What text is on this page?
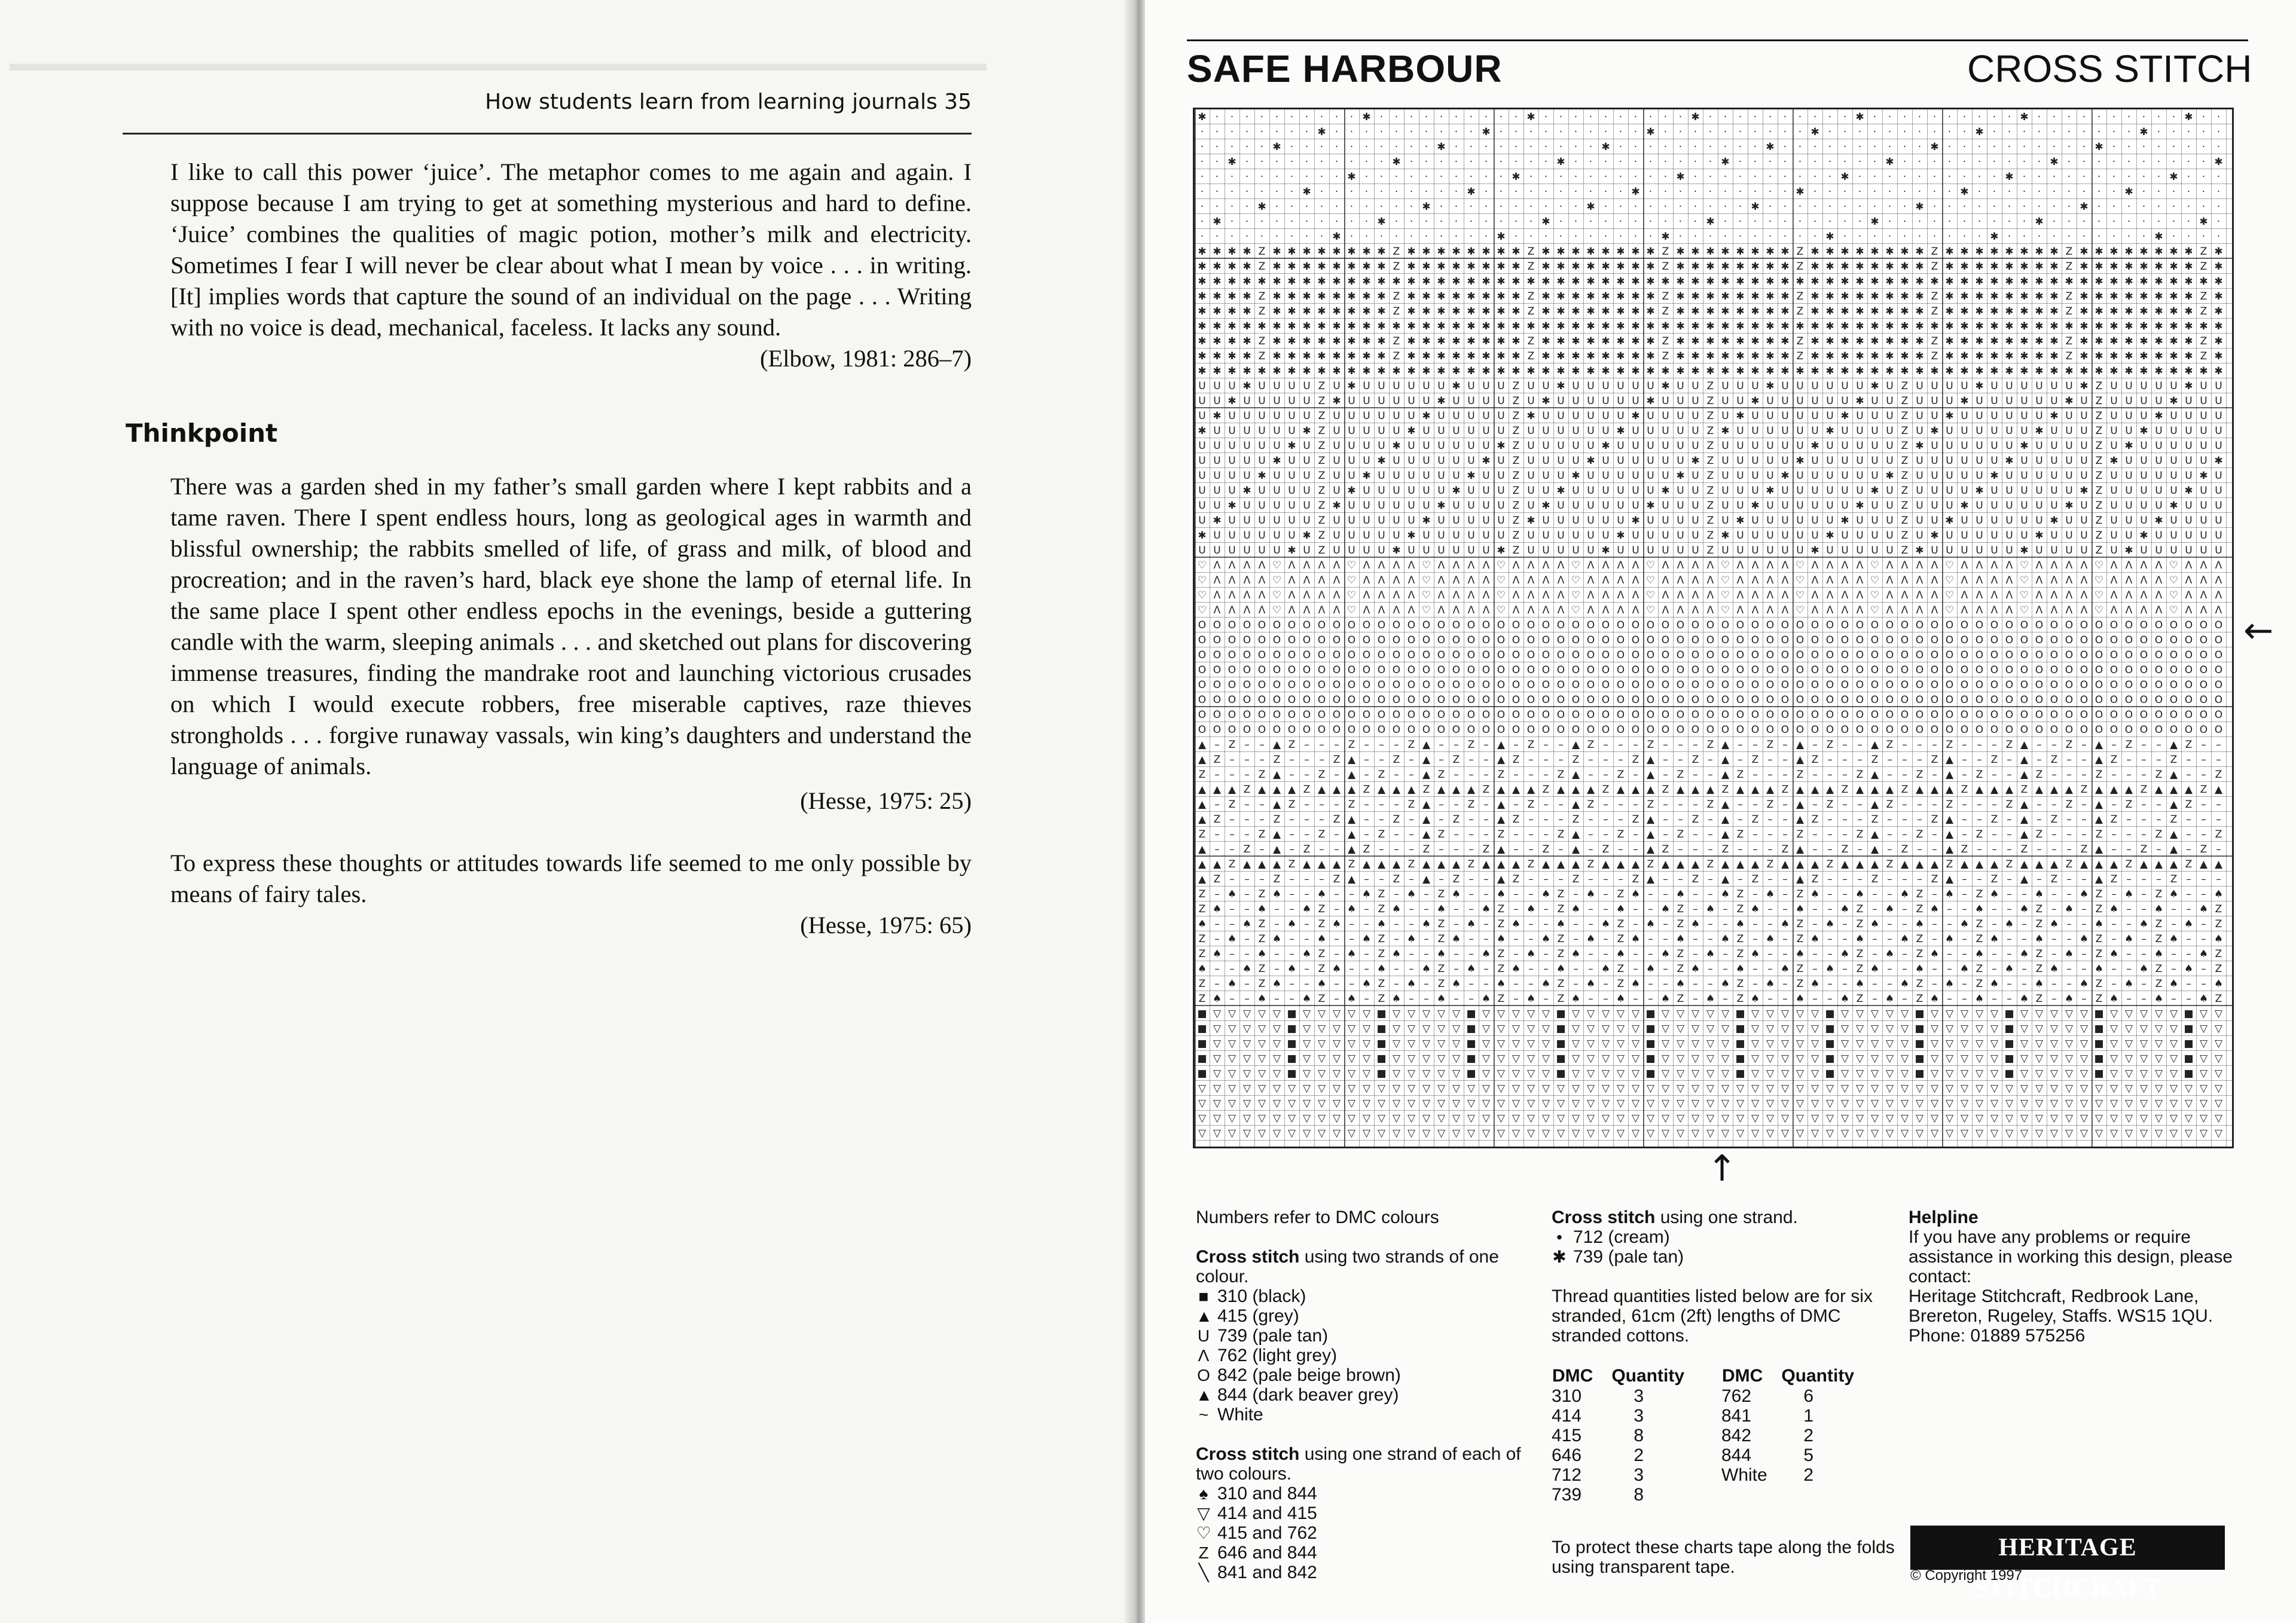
▬▬▬▬▬▬▬▬▬▬▬▬▬▬▬▬▬▬▬▬▬▬▬▬▬▬▬▬▬▬▬▬▬▬▬▬▬▬▬▬▬▬▬
How students learn from learning journals 35
I like to call this power ‘juice’. The metaphor comes to me again and again. I suppose because I am trying to get at something mysterious and hard to define. ‘Juice’ combines the qualities of magic potion, mother’s milk and electricity. Sometimes I fear I will never be clear about what I mean by voice . . . in writing. [It] implies words that capture the sound of an individual on the page . . . Writing with no voice is dead, mechanical, faceless. It lacks any sound.
(Elbow, 1981: 286–7)
Thinkpoint
There was a garden shed in my father’s small garden where I kept rabbits and a tame raven. There I spent endless hours, long as geological ages in warmth and blissful ownership; the rabbits smelled of life, of grass and milk, of blood and procreation; and in the raven’s hard, black eye shone the lamp of eternal life. In the same place I spent other endless epochs in the evenings, beside a guttering candle with the warm, sleeping animals . . . and sketched out plans for discovering immense treasures, finding the mandrake root and launching victorious crusades on which I would execute robbers, free miserable captives, raze thieves strongholds . . . forgive runaway vassals, win king’s daughters and understand the language of animals.
(Hesse, 1975: 25)
To express these thoughts or attitudes towards life seemed to me only possible by means of fairy tales.
(Hesse, 1975: 65)
SAFE HARBOUR	CROSS STITCH
✱ · · · · · · · · · · ✱ · · · · · · · · · · ✱ · · · · · · · · · · ✱ · · · · · · · · · · ✱ · · · · · · · · · · ✱ · · · · · · · · · · ✱ · ·
· · · · · · · · ✱ · · · · · · · · · · ✱ · · · · · · · · · · ✱ · · · · · · · · · · ✱ · · · · · · · · · · ✱ · · · · · · · · · · ✱ · · · · ·
· · · · · ✱ · · · · · · · · · · ✱ · · · · · · · · · · ✱ · · · · · · · · · · ✱ · · · · · · · · · · ✱ · · · · · · · · · · ✱ · · · · · · · ·
· · ✱ · · · · · · · · · · ✱ · · · · · · · · · · ✱ · · · · · · · · · · ✱ · · · · · · · · · · ✱ · · · · · · · · · · ✱ · · · · · · · · · · ✱
· · · · · · · · · · ✱ · · · · · · · · · · ✱ · · · · · · · · · · ✱ · · · · · · · · · · ✱ · · · · · · · · · · ✱ · · · · · · · · · · ✱ · · ·
· · · · · · · ✱ · · · · · · · · · · ✱ · · · · · · · · · · ✱ · · · · · · · · · · ✱ · · · · · · · · · · ✱ · · · · · · · · · · ✱ · · · · · ·
· · · · ✱ · · · · · · · · · · ✱ · · · · · · · · · · ✱ · · · · · · · · · · ✱ · · · · · · · · · · ✱ · · · · · · · · · · ✱ · · · · · · · · ·
· ✱ · · · · · · · · · · ✱ · · · · · · · · · · ✱ · · · · · · · · · · ✱ · · · · · · · · · · ✱ · · · · · · · · · · ✱ · · · · · · · · · · ✱ ·
· · · · · · · · · ✱ · · · · · · · · · · ✱ · · · · · · · · · · ✱ · · · · · · · · · · ✱ · · · · · · · · · · ✱ · · · · · · · · · · ✱ · · · ·
✱ ✱ ✱ ✱ Z ✱ ✱ ✱ ✱ ✱ ✱ ✱ ✱ Z ✱ ✱ ✱ ✱ ✱ ✱ ✱ ✱ Z ✱ ✱ ✱ ✱ ✱ ✱ ✱ ✱ Z ✱ ✱ ✱ ✱ ✱ ✱ ✱ ✱ Z ✱ ✱ ✱ ✱ ✱ ✱ ✱ ✱ Z ✱ ✱ ✱ ✱ ✱ ✱ ✱ ✱ Z ✱ ✱ ✱ ✱ ✱ ✱ ✱ ✱ Z ✱
✱ ✱ ✱ ✱ Z ✱ ✱ ✱ ✱ ✱ ✱ ✱ ✱ Z ✱ ✱ ✱ ✱ ✱ ✱ ✱ ✱ Z ✱ ✱ ✱ ✱ ✱ ✱ ✱ ✱ Z ✱ ✱ ✱ ✱ ✱ ✱ ✱ ✱ Z ✱ ✱ ✱ ✱ ✱ ✱ ✱ ✱ Z ✱ ✱ ✱ ✱ ✱ ✱ ✱ ✱ Z ✱ ✱ ✱ ✱ ✱ ✱ ✱ ✱ Z ✱
✱ ✱ ✱ ✱ ✱ ✱ ✱ ✱ ✱ ✱ ✱ ✱ ✱ ✱ ✱ ✱ ✱ ✱ ✱ ✱ ✱ ✱ ✱ ✱ ✱ ✱ ✱ ✱ ✱ ✱ ✱ ✱ ✱ ✱ ✱ ✱ ✱ ✱ ✱ ✱ ✱ ✱ ✱ ✱ ✱ ✱ ✱ ✱ ✱ ✱ ✱ ✱ ✱ ✱ ✱ ✱ ✱ ✱ ✱ ✱ ✱ ✱ ✱ ✱ ✱ ✱ ✱ ✱ ✱
✱ ✱ ✱ ✱ Z ✱ ✱ ✱ ✱ ✱ ✱ ✱ ✱ Z ✱ ✱ ✱ ✱ ✱ ✱ ✱ ✱ Z ✱ ✱ ✱ ✱ ✱ ✱ ✱ ✱ Z ✱ ✱ ✱ ✱ ✱ ✱ ✱ ✱ Z ✱ ✱ ✱ ✱ ✱ ✱ ✱ ✱ Z ✱ ✱ ✱ ✱ ✱ ✱ ✱ ✱ Z ✱ ✱ ✱ ✱ ✱ ✱ ✱ ✱ Z ✱
✱ ✱ ✱ ✱ Z ✱ ✱ ✱ ✱ ✱ ✱ ✱ ✱ Z ✱ ✱ ✱ ✱ ✱ ✱ ✱ ✱ Z ✱ ✱ ✱ ✱ ✱ ✱ ✱ ✱ Z ✱ ✱ ✱ ✱ ✱ ✱ ✱ ✱ Z ✱ ✱ ✱ ✱ ✱ ✱ ✱ ✱ Z ✱ ✱ ✱ ✱ ✱ ✱ ✱ ✱ Z ✱ ✱ ✱ ✱ ✱ ✱ ✱ ✱ Z ✱
✱ ✱ ✱ ✱ ✱ ✱ ✱ ✱ ✱ ✱ ✱ ✱ ✱ ✱ ✱ ✱ ✱ ✱ ✱ ✱ ✱ ✱ ✱ ✱ ✱ ✱ ✱ ✱ ✱ ✱ ✱ ✱ ✱ ✱ ✱ ✱ ✱ ✱ ✱ ✱ ✱ ✱ ✱ ✱ ✱ ✱ ✱ ✱ ✱ ✱ ✱ ✱ ✱ ✱ ✱ ✱ ✱ ✱ ✱ ✱ ✱ ✱ ✱ ✱ ✱ ✱ ✱ ✱ ✱
✱ ✱ ✱ ✱ Z ✱ ✱ ✱ ✱ ✱ ✱ ✱ ✱ Z ✱ ✱ ✱ ✱ ✱ ✱ ✱ ✱ Z ✱ ✱ ✱ ✱ ✱ ✱ ✱ ✱ Z ✱ ✱ ✱ ✱ ✱ ✱ ✱ ✱ Z ✱ ✱ ✱ ✱ ✱ ✱ ✱ ✱ Z ✱ ✱ ✱ ✱ ✱ ✱ ✱ ✱ Z ✱ ✱ ✱ ✱ ✱ ✱ ✱ ✱ Z ✱
✱ ✱ ✱ ✱ Z ✱ ✱ ✱ ✱ ✱ ✱ ✱ ✱ Z ✱ ✱ ✱ ✱ ✱ ✱ ✱ ✱ Z ✱ ✱ ✱ ✱ ✱ ✱ ✱ ✱ Z ✱ ✱ ✱ ✱ ✱ ✱ ✱ ✱ Z ✱ ✱ ✱ ✱ ✱ ✱ ✱ ✱ Z ✱ ✱ ✱ ✱ ✱ ✱ ✱ ✱ Z ✱ ✱ ✱ ✱ ✱ ✱ ✱ ✱ Z ✱
✱ ✱ ✱ ✱ ✱ ✱ ✱ ✱ ✱ ✱ ✱ ✱ ✱ ✱ ✱ ✱ ✱ ✱ ✱ ✱ ✱ ✱ ✱ ✱ ✱ ✱ ✱ ✱ ✱ ✱ ✱ ✱ ✱ ✱ ✱ ✱ ✱ ✱ ✱ ✱ ✱ ✱ ✱ ✱ ✱ ✱ ✱ ✱ ✱ ✱ ✱ ✱ ✱ ✱ ✱ ✱ ✱ ✱ ✱ ✱ ✱ ✱ ✱ ✱ ✱ ✱ ✱ ✱ ✱
U U U ✱ U U U U Z U ✱ U U U U U U ✱ U U U Z U U ✱ U U U U U U ✱ U U Z U U U ✱ U U U U U U ✱ U Z U U U U ✱ U U U U U U ✱ Z U U U U U ✱ U U
U U ✱ U U U U U Z ✱ U U U U U U ✱ U U U U Z U ✱ U U U U U U ✱ U U U Z U U ✱ U U U U U U ✱ U U Z U U U ✱ U U U U U U ✱ U Z U U U U ✱ U U U
U ✱ U U U U U U Z U U U U U U ✱ U U U U U Z ✱ U U U U U U ✱ U U U U Z U ✱ U U U U U U ✱ U U U Z U U ✱ U U U U U U ✱ U U Z U U U ✱ U U U U
✱ U U U U U U ✱ Z U U U U U ✱ U U U U U U Z U U U U U U ✱ U U U U U Z ✱ U U U U U U ✱ U U U U Z U ✱ U U U U U U ✱ U U U Z U U ✱ U U U U U
U U U U U U ✱ U Z U U U U ✱ U U U U U U ✱ Z U U U U U ✱ U U U U U U Z U U U U U U ✱ U U U U U Z ✱ U U U U U U ✱ U U U U Z U ✱ U U U U U U
U U U U U ✱ U U Z U U U ✱ U U U U U U ✱ U Z U U U U ✱ U U U U U U ✱ Z U U U U U ✱ U U U U U U Z U U U U U U ✱ U U U U U Z ✱ U U U U U U ✱
U U U U ✱ U U U Z U U ✱ U U U U U U ✱ U U Z U U U ✱ U U U U U U ✱ U Z U U U U ✱ U U U U U U ✱ Z U U U U U ✱ U U U U U U Z U U U U U U ✱ U
U U U ✱ U U U U Z U ✱ U U U U U U ✱ U U U Z U U ✱ U U U U U U ✱ U U Z U U U ✱ U U U U U U ✱ U Z U U U U ✱ U U U U U U ✱ Z U U U U U ✱ U U
U U ✱ U U U U U Z ✱ U U U U U U ✱ U U U U Z U ✱ U U U U U U ✱ U U U Z U U ✱ U U U U U U ✱ U U Z U U U ✱ U U U U U U ✱ U Z U U U U ✱ U U U
U ✱ U U U U U U Z U U U U U U ✱ U U U U U Z ✱ U U U U U U ✱ U U U U Z U ✱ U U U U U U ✱ U U U Z U U ✱ U U U U U U ✱ U U Z U U U ✱ U U U U
✱ U U U U U U ✱ Z U U U U U ✱ U U U U U U Z U U U U U U ✱ U U U U U Z ✱ U U U U U U ✱ U U U U Z U ✱ U U U U U U ✱ U U U Z U U ✱ U U U U U
U U U U U U ✱ U Z U U U U ✱ U U U U U U ✱ Z U U U U U ✱ U U U U U U Z U U U U U U ✱ U U U U U Z ✱ U U U U U U ✱ U U U U Z U ✱ U U U U U U
♡ Λ Λ Λ Λ ♡ Λ Λ Λ Λ ♡ Λ Λ Λ Λ ♡ Λ Λ Λ Λ ♡ Λ Λ Λ Λ ♡ Λ Λ Λ Λ ♡ Λ Λ Λ Λ ♡ Λ Λ Λ Λ ♡ Λ Λ Λ Λ ♡ Λ Λ Λ Λ ♡ Λ Λ Λ Λ ♡ Λ Λ Λ Λ ♡ Λ Λ Λ Λ ♡ Λ Λ Λ
♡ Λ Λ Λ Λ ♡ Λ Λ Λ Λ ♡ Λ Λ Λ Λ ♡ Λ Λ Λ Λ ♡ Λ Λ Λ Λ ♡ Λ Λ Λ Λ ♡ Λ Λ Λ Λ ♡ Λ Λ Λ Λ ♡ Λ Λ Λ Λ ♡ Λ Λ Λ Λ ♡ Λ Λ Λ Λ ♡ Λ Λ Λ Λ ♡ Λ Λ Λ Λ ♡ Λ Λ Λ
♡ Λ Λ Λ Λ ♡ Λ Λ Λ Λ ♡ Λ Λ Λ Λ ♡ Λ Λ Λ Λ ♡ Λ Λ Λ Λ ♡ Λ Λ Λ Λ ♡ Λ Λ Λ Λ ♡ Λ Λ Λ Λ ♡ Λ Λ Λ Λ ♡ Λ Λ Λ Λ ♡ Λ Λ Λ Λ ♡ Λ Λ Λ Λ ♡ Λ Λ Λ Λ ♡ Λ Λ Λ
♡ Λ Λ Λ Λ ♡ Λ Λ Λ Λ ♡ Λ Λ Λ Λ ♡ Λ Λ Λ Λ ♡ Λ Λ Λ Λ ♡ Λ Λ Λ Λ ♡ Λ Λ Λ Λ ♡ Λ Λ Λ Λ ♡ Λ Λ Λ Λ ♡ Λ Λ Λ Λ ♡ Λ Λ Λ Λ ♡ Λ Λ Λ Λ ♡ Λ Λ Λ Λ ♡ Λ Λ Λ
O O O O O O O O O O O O O O O O O O O O O O O O O O O O O O O O O O O O O O O O O O O O O O O O O O O O O O O O O O O O O O O O O O O O O
O O O O O O O O O O O O O O O O O O O O O O O O O O O O O O O O O O O O O O O O O O O O O O O O O O O O O O O O O O O O O O O O O O O O O
O O O O O O O O O O O O O O O O O O O O O O O O O O O O O O O O O O O O O O O O O O O O O O O O O O O O O O O O O O O O O O O O O O O O O
O O O O O O O O O O O O O O O O O O O O O O O O O O O O O O O O O O O O O O O O O O O O O O O O O O O O O O O O O O O O O O O O O O O O O
O O O O O O O O O O O O O O O O O O O O O O O O O O O O O O O O O O O O O O O O O O O O O O O O O O O O O O O O O O O O O O O O O O O O O
O O O O O O O O O O O O O O O O O O O O O O O O O O O O O O O O O O O O O O O O O O O O O O O O O O O O O O O O O O O O O O O O O O O O O
O O O O O O O O O O O O O O O O O O O O O O O O O O O O O O O O O O O O O O O O O O O O O O O O O O O O O O O O O O O O O O O O O O O O O
O O O O O O O O O O O O O O O O O O O O O O O O O O O O O O O O O O O O O O O O O O O O O O O O O O O O O O O O O O O O O O O O O O O O O
▲ – Z – – ▲ Z – – – Z – – – Z ▲ – – Z – ▲ – Z – – ▲ Z – – – Z – – – Z ▲ – – Z – ▲ – Z – – ▲ Z – – – Z – – – Z ▲ – – Z – ▲ – Z – – ▲ Z – –
▲ Z – – – Z – – – Z ▲ – – Z – ▲ – Z – – ▲ Z – – – Z – – – Z ▲ – – Z – ▲ – Z – – ▲ Z – – – Z – – – Z ▲ – – Z – ▲ – Z – – ▲ Z – – – Z – – –
Z – – – Z ▲ – – Z – ▲ – Z – – ▲ Z – – – Z – – – Z ▲ – – Z – ▲ – Z – – ▲ Z – – – Z – – – Z ▲ – – Z – ▲ – Z – – ▲ Z – – – Z – – – Z ▲ – – Z
▲ ▲ ▲ Z ▲ ▲ ▲ Z ▲ ▲ ▲ Z ▲ ▲ ▲ Z ▲ ▲ ▲ Z ▲ ▲ ▲ Z ▲ ▲ ▲ Z ▲ ▲ ▲ Z ▲ ▲ ▲ Z ▲ ▲ ▲ Z ▲ ▲ ▲ Z ▲ ▲ ▲ Z ▲ ▲ ▲ Z ▲ ▲ ▲ Z ▲ ▲ ▲ Z ▲ ▲ ▲ Z ▲ ▲ ▲ Z ▲
▲ – Z – – ▲ Z – – – Z – – – Z ▲ – – Z – ▲ – Z – – ▲ Z – – – Z – – – Z ▲ – – Z – ▲ – Z – – ▲ Z – – – Z – – – Z ▲ – – Z – ▲ – Z – – ▲ Z – –
▲ Z – – – Z – – – Z ▲ – – Z – ▲ – Z – – ▲ Z – – – Z – – – Z ▲ – – Z – ▲ – Z – – ▲ Z – – – Z – – – Z ▲ – – Z – ▲ – Z – – ▲ Z – – – Z – – –
Z – – – Z ▲ – – Z – ▲ – Z – – ▲ Z – – – Z – – – Z ▲ – – Z – ▲ – Z – – ▲ Z – – – Z – – – Z ▲ – – Z – ▲ – Z – – ▲ Z – – – Z – – – Z ▲ – – Z
▲ – – Z – ▲ – Z – – ▲ Z – – – Z – – – Z ▲ – – Z – ▲ – Z – – ▲ Z – – – Z – – – Z ▲ – – Z – ▲ – Z – – ▲ Z – – – Z – – – Z ▲ – – Z – ▲ – Z –
▲ ▲ Z ▲ ▲ ▲ Z ▲ ▲ ▲ Z ▲ ▲ ▲ Z ▲ ▲ ▲ Z ▲ ▲ ▲ Z ▲ ▲ ▲ Z ▲ ▲ ▲ Z ▲ ▲ ▲ Z ▲ ▲ ▲ Z ▲ ▲ ▲ Z ▲ ▲ ▲ Z ▲ ▲ ▲ Z ▲ ▲ ▲ Z ▲ ▲ ▲ Z ▲ ▲ ▲ Z ▲ ▲ ▲ Z ▲ ▲
▲ Z – – – Z – – – Z ▲ – – Z – ▲ – Z – – ▲ Z – – – Z – – – Z ▲ – – Z – ▲ – Z – – ▲ Z – – – Z – – – Z ▲ – – Z – ▲ – Z – – ▲ Z – – – Z – – –
Z – ♠ – Z ♠ – – ♠ – – ♠ Z – ♠ – Z ♠ – – ♠ – – ♠ Z – ♠ – Z ♠ – – ♠ – – ♠ Z – ♠ – Z ♠ – – ♠ – – ♠ Z – ♠ – Z ♠ – – ♠ – – ♠ Z – ♠ – Z ♠ – – ♠
Z ♠ – – ♠ – – ♠ Z – ♠ – Z ♠ – – ♠ – – ♠ Z – ♠ – Z ♠ – – ♠ – – ♠ Z – ♠ – Z ♠ – – ♠ – – ♠ Z – ♠ – Z ♠ – – ♠ – – ♠ Z – ♠ – Z ♠ – – ♠ – – ♠ Z
♠ – – ♠ Z – ♠ – Z ♠ – – ♠ – – ♠ Z – ♠ – Z ♠ – – ♠ – – ♠ Z – ♠ – Z ♠ – – ♠ – – ♠ Z – ♠ – Z ♠ – – ♠ – – ♠ Z – ♠ – Z ♠ – – ♠ – – ♠ Z – ♠ – Z
Z – ♠ – Z ♠ – – ♠ – – ♠ Z – ♠ – Z ♠ – – ♠ – – ♠ Z – ♠ – Z ♠ – – ♠ – – ♠ Z – ♠ – Z ♠ – – ♠ – – ♠ Z – ♠ – Z ♠ – – ♠ – – ♠ Z – ♠ – Z ♠ – – ♠
Z ♠ – – ♠ – – ♠ Z – ♠ – Z ♠ – – ♠ – – ♠ Z – ♠ – Z ♠ – – ♠ – – ♠ Z – ♠ – Z ♠ – – ♠ – – ♠ Z – ♠ – Z ♠ – – ♠ – – ♠ Z – ♠ – Z ♠ – – ♠ – – ♠ Z
♠ – – ♠ Z – ♠ – Z ♠ – – ♠ – – ♠ Z – ♠ – Z ♠ – – ♠ – – ♠ Z – ♠ – Z ♠ – – ♠ – – ♠ Z – ♠ – Z ♠ – – ♠ – – ♠ Z – ♠ – Z ♠ – – ♠ – – ♠ Z – ♠ – Z
Z – ♠ – Z ♠ – – ♠ – – ♠ Z – ♠ – Z ♠ – – ♠ – – ♠ Z – ♠ – Z ♠ – – ♠ – – ♠ Z – ♠ – Z ♠ – – ♠ – – ♠ Z – ♠ – Z ♠ – – ♠ – – ♠ Z – ♠ – Z ♠ – – ♠
Z ♠ – – ♠ – – ♠ Z – ♠ – Z ♠ – – ♠ – – ♠ Z – ♠ – Z ♠ – – ♠ – – ♠ Z – ♠ – Z ♠ – – ♠ – – ♠ Z – ♠ – Z ♠ – – ♠ – – ♠ Z – ♠ – Z ♠ – – ♠ – – ♠ Z
■ ▽ ▽ ▽ ▽ ▽ ■ ▽ ▽ ▽ ▽ ▽ ■ ▽ ▽ ▽ ▽ ▽ ■ ▽ ▽ ▽ ▽ ▽ ■ ▽ ▽ ▽ ▽ ▽ ■ ▽ ▽ ▽ ▽ ▽ ■ ▽ ▽ ▽ ▽ ▽ ■ ▽ ▽ ▽ ▽ ▽ ■ ▽ ▽ ▽ ▽ ▽ ■ ▽ ▽ ▽ ▽ ▽ ■ ▽ ▽ ▽ ▽ ▽ ■ ▽ ▽
■ ▽ ▽ ▽ ▽ ▽ ■ ▽ ▽ ▽ ▽ ▽ ■ ▽ ▽ ▽ ▽ ▽ ■ ▽ ▽ ▽ ▽ ▽ ■ ▽ ▽ ▽ ▽ ▽ ■ ▽ ▽ ▽ ▽ ▽ ■ ▽ ▽ ▽ ▽ ▽ ■ ▽ ▽ ▽ ▽ ▽ ■ ▽ ▽ ▽ ▽ ▽ ■ ▽ ▽ ▽ ▽ ▽ ■ ▽ ▽ ▽ ▽ ▽ ■ ▽ ▽
■ ▽ ▽ ▽ ▽ ▽ ■ ▽ ▽ ▽ ▽ ▽ ■ ▽ ▽ ▽ ▽ ▽ ■ ▽ ▽ ▽ ▽ ▽ ■ ▽ ▽ ▽ ▽ ▽ ■ ▽ ▽ ▽ ▽ ▽ ■ ▽ ▽ ▽ ▽ ▽ ■ ▽ ▽ ▽ ▽ ▽ ■ ▽ ▽ ▽ ▽ ▽ ■ ▽ ▽ ▽ ▽ ▽ ■ ▽ ▽ ▽ ▽ ▽ ■ ▽ ▽
■ ▽ ▽ ▽ ▽ ▽ ■ ▽ ▽ ▽ ▽ ▽ ■ ▽ ▽ ▽ ▽ ▽ ■ ▽ ▽ ▽ ▽ ▽ ■ ▽ ▽ ▽ ▽ ▽ ■ ▽ ▽ ▽ ▽ ▽ ■ ▽ ▽ ▽ ▽ ▽ ■ ▽ ▽ ▽ ▽ ▽ ■ ▽ ▽ ▽ ▽ ▽ ■ ▽ ▽ ▽ ▽ ▽ ■ ▽ ▽ ▽ ▽ ▽ ■ ▽ ▽
■ ▽ ▽ ▽ ▽ ▽ ■ ▽ ▽ ▽ ▽ ▽ ■ ▽ ▽ ▽ ▽ ▽ ■ ▽ ▽ ▽ ▽ ▽ ■ ▽ ▽ ▽ ▽ ▽ ■ ▽ ▽ ▽ ▽ ▽ ■ ▽ ▽ ▽ ▽ ▽ ■ ▽ ▽ ▽ ▽ ▽ ■ ▽ ▽ ▽ ▽ ▽ ■ ▽ ▽ ▽ ▽ ▽ ■ ▽ ▽ ▽ ▽ ▽ ■ ▽ ▽
▽ ▽ ▽ ▽ ▽ ▽ ▽ ▽ ▽ ▽ ▽ ▽ ▽ ▽ ▽ ▽ ▽ ▽ ▽ ▽ ▽ ▽ ▽ ▽ ▽ ▽ ▽ ▽ ▽ ▽ ▽ ▽ ▽ ▽ ▽ ▽ ▽ ▽ ▽ ▽ ▽ ▽ ▽ ▽ ▽ ▽ ▽ ▽ ▽ ▽ ▽ ▽ ▽ ▽ ▽ ▽ ▽ ▽ ▽ ▽ ▽ ▽ ▽ ▽ ▽ ▽ ▽ ▽ ▽
▽ ▽ ▽ ▽ ▽ ▽ ▽ ▽ ▽ ▽ ▽ ▽ ▽ ▽ ▽ ▽ ▽ ▽ ▽ ▽ ▽ ▽ ▽ ▽ ▽ ▽ ▽ ▽ ▽ ▽ ▽ ▽ ▽ ▽ ▽ ▽ ▽ ▽ ▽ ▽ ▽ ▽ ▽ ▽ ▽ ▽ ▽ ▽ ▽ ▽ ▽ ▽ ▽ ▽ ▽ ▽ ▽ ▽ ▽ ▽ ▽ ▽ ▽ ▽ ▽ ▽ ▽ ▽ ▽
▽ ▽ ▽ ▽ ▽ ▽ ▽ ▽ ▽ ▽ ▽ ▽ ▽ ▽ ▽ ▽ ▽ ▽ ▽ ▽ ▽ ▽ ▽ ▽ ▽ ▽ ▽ ▽ ▽ ▽ ▽ ▽ ▽ ▽ ▽ ▽ ▽ ▽ ▽ ▽ ▽ ▽ ▽ ▽ ▽ ▽ ▽ ▽ ▽ ▽ ▽ ▽ ▽ ▽ ▽ ▽ ▽ ▽ ▽ ▽ ▽ ▽ ▽ ▽ ▽ ▽ ▽ ▽ ▽
▽ ▽ ▽ ▽ ▽ ▽ ▽ ▽ ▽ ▽ ▽ ▽ ▽ ▽ ▽ ▽ ▽ ▽ ▽ ▽ ▽ ▽ ▽ ▽ ▽ ▽ ▽ ▽ ▽ ▽ ▽ ▽ ▽ ▽ ▽ ▽ ▽ ▽ ▽ ▽ ▽ ▽ ▽ ▽ ▽ ▽ ▽ ▽ ▽ ▽ ▽ ▽ ▽ ▽ ▽ ▽ ▽ ▽ ▽ ▽ ▽ ▽ ▽ ▽ ▽ ▽ ▽ ▽ ▽
←
↑
Numbers refer to DMC colours
Cross stitch using two strands of one colour.
■ 310 (black)
▲ 415 (grey)
U 739 (pale tan)
Λ 762 (light grey)
O 842 (pale beige brown)
▲ 844 (dark beaver grey)
~ White
Cross stitch using one strand of each of two colours.
♠ 310 and 844
▽ 414 and 415
♡ 415 and 762
Z 646 and 844
╲ 841 and 842
Cross stitch using one strand.
• 712 (cream)
✱ 739 (pale tan)
Thread quantities listed below are for six stranded, 61cm (2ft) lengths of DMC stranded cottons.
DMC	Quantity	DMC	Quantity
310	3	762	6
414	3	841	1
415	8	842	2
646	2	844	5
712	3	White	2
739	8		
To protect these charts tape along the folds using transparent tape.
Helpline
If you have any problems or require assistance in working this design, please contact:
Heritage Stitchcraft, Redbrook Lane, Brereton, Rugeley, Staffs. WS15 1QU.
Phone: 01889 575256
HERITAGE STITCHCRAFT
© Copyright 1997
